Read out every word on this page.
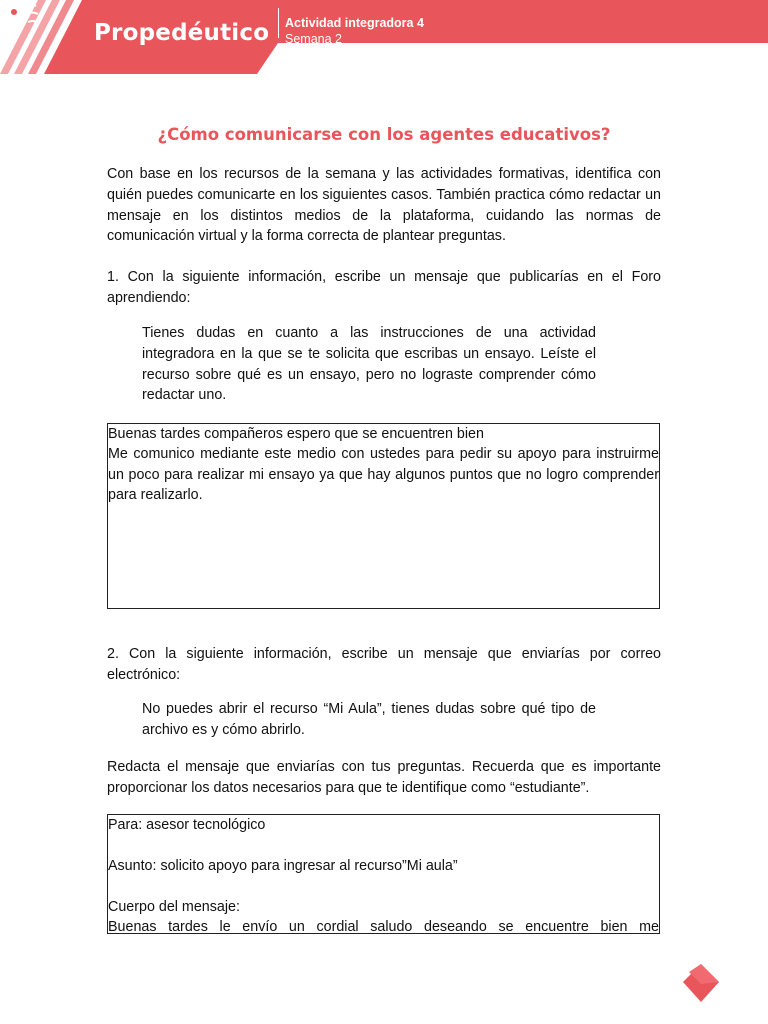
Propedéutico Actividad integradora 4
Semana 2
¿Cómo comunicarse con los agentes educativos?

Con base en los recursos de la semana y las actividades formativas, identifica con quién puedes comunicarte en los siguientes casos. También practica cómo redactar un mensaje en los distintos medios de la plataforma, cuidando las normas de comunicación virtual y la forma correcta de plantear preguntas.

1. Con la siguiente información, escribe un mensaje que publicarías en el Foro aprendiendo:

Tienes dudas en cuanto a las instrucciones de una actividad integradora en la que se te solicita que escribas un ensayo. Leíste el recurso sobre qué es un ensayo, pero no lograste comprender cómo redactar uno.

Buenas tardes compañeros espero que se encuentren bien

Me comunico mediante este medio con ustedes para pedir su apoyo para instruirme un poco para realizar mi ensayo ya que hay algunos puntos que no logro comprender para realizarlo.

2. Con la siguiente información, escribe un mensaje que enviarías por correo electrónico:

No puedes abrir el recurso “Mi Aula”, tienes dudas sobre qué tipo de archivo es y cómo abrirlo.

Redacta el mensaje que enviarías con tus preguntas. Recuerda que es importante proporcionar los datos necesarios para que te identifique como “estudiante”.

Para: asesor tecnológico

Asunto: solicito apoyo para ingresar al recurso”Mi aula”

Cuerpo del mensaje:

Buenas tardes le envío un cordial saludo deseando se encuentre bien me
